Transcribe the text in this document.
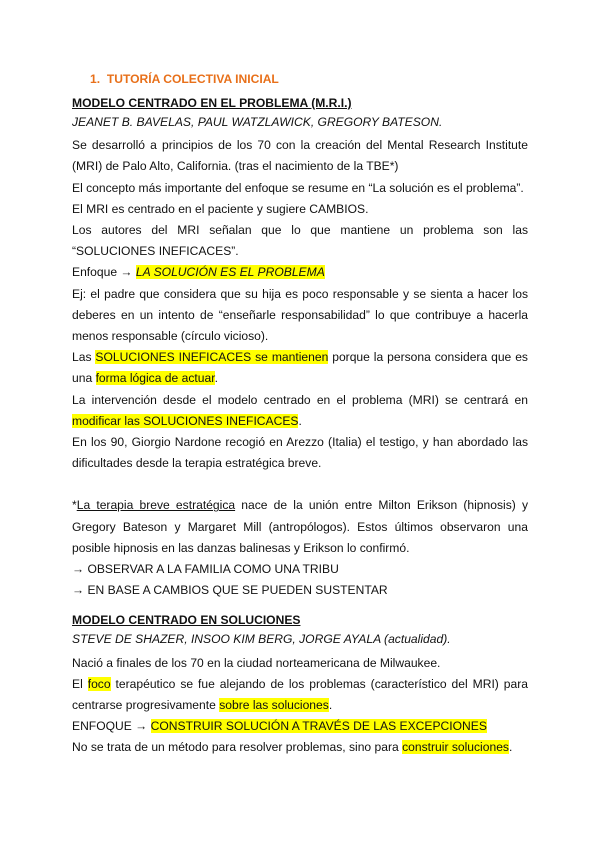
1. TUTORÍA COLECTIVA INICIAL

MODELO CENTRADO EN EL PROBLEMA (M.R.I.)

JEANET B. BAVELAS, PAUL WATZLAWICK, GREGORY BATESON.

Se desarrolló a principios de los 70 con la creación del Mental Research Institute (MRI) de Palo Alto, California. (tras el nacimiento de la TBE*)

El concepto más importante del enfoque se resume en “La solución es el problema”.

El MRI es centrado en el paciente y sugiere CAMBIOS.

Los autores del MRI señalan que lo que mantiene un problema son las “SOLUCIONES INEFICACES”.

Enfoque → LA SOLUCIÓN ES EL PROBLEMA

Ej: el padre que considera que su hija es poco responsable y se sienta a hacer los deberes en un intento de “enseñarle responsabilidad” lo que contribuye a hacerla menos responsable (círculo vicioso).

Las SOLUCIONES INEFICACES se mantienen porque la persona considera que es una forma lógica de actuar.

La intervención desde el modelo centrado en el problema (MRI) se centrará en modificar las SOLUCIONES INEFICACES.

En los 90, Giorgio Nardone recogió en Arezzo (Italia) el testigo, y han abordado las dificultades desde la terapia estratégica breve.

*La terapia breve estratégica nace de la unión entre Milton Erikson (hipnosis) y Gregory Bateson y Margaret Mill (antropólogos). Estos últimos observaron una posible hipnosis en las danzas balinesas y Erikson lo confirmó.

→ OBSERVAR A LA FAMILIA COMO UNA TRIBU

→ EN BASE A CAMBIOS QUE SE PUEDEN SUSTENTAR

MODELO CENTRADO EN SOLUCIONES

STEVE DE SHAZER, INSOO KIM BERG, JORGE AYALA (actualidad).

Nació a finales de los 70 en la ciudad norteamericana de Milwaukee.

El foco terapéutico se fue alejando de los problemas (característico del MRI) para centrarse progresivamente sobre las soluciones.

ENFOQUE → CONSTRUIR SOLUCIÓN A TRAVÉS DE LAS EXCEPCIONES

No se trata de un método para resolver problemas, sino para construir soluciones.
